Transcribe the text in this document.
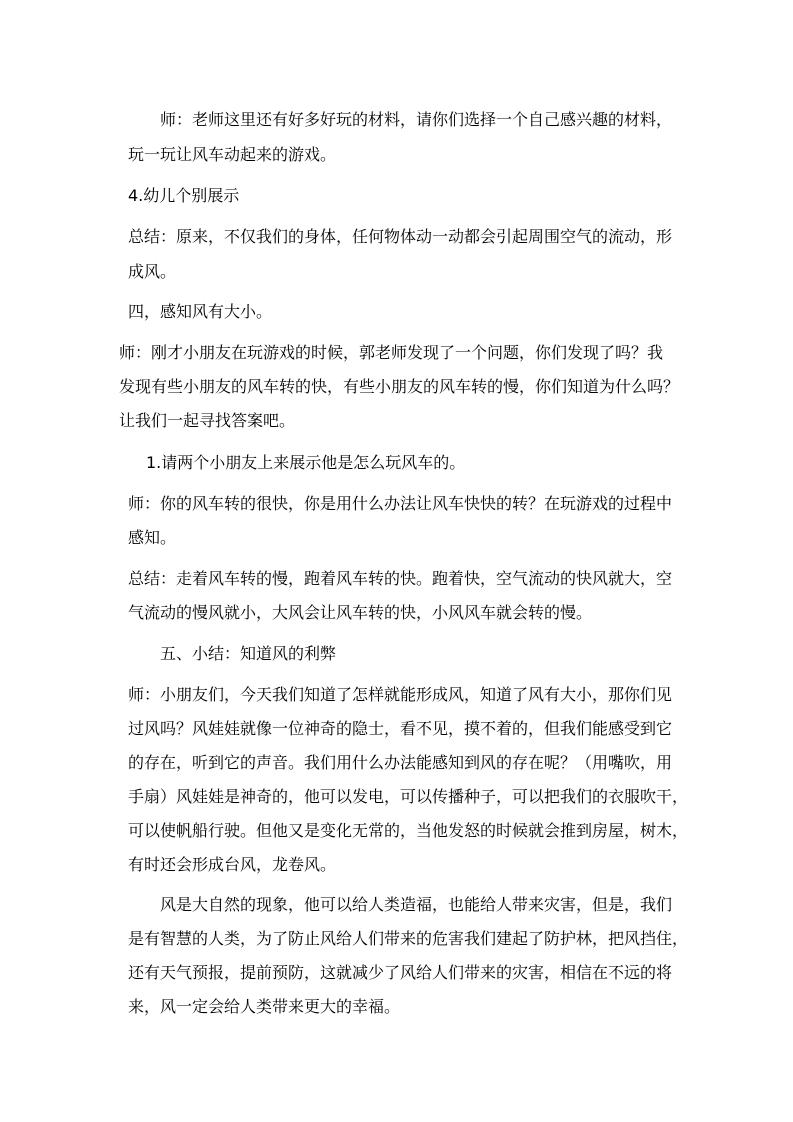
师：老师这里还有好多好玩的材料，请你们选择一个自己感兴趣的材料，

玩一玩让风车动起来的游戏。

4.幼儿个别展示

总结：原来，不仅我们的身体，任何物体动一动都会引起周围空气的流动，形

成风。

四，感知风有大小。

师：刚才小朋友在玩游戏的时候，郭老师发现了一个问题，你们发现了吗？我

发现有些小朋友的风车转的快，有些小朋友的风车转的慢，你们知道为什么吗？

让我们一起寻找答案吧。

1.请两个小朋友上来展示他是怎么玩风车的。

师：你的风车转的很快，你是用什么办法让风车快快的转？在玩游戏的过程中

感知。

总结：走着风车转的慢，跑着风车转的快。跑着快，空气流动的快风就大，空

气流动的慢风就小，大风会让风车转的快，小风风车就会转的慢。

五、小结：知道风的利弊

师：小朋友们，今天我们知道了怎样就能形成风，知道了风有大小，那你们见

过风吗？风娃娃就像一位神奇的隐士，看不见，摸不着的，但我们能感受到它

的存在，听到它的声音。我们用什么办法能感知到风的存在呢？（用嘴吹，用

手扇）风娃娃是神奇的，他可以发电，可以传播种子，可以把我们的衣服吹干，

可以使帆船行驶。但他又是变化无常的，当他发怒的时候就会推到房屋，树木，

有时还会形成台风，龙卷风。

风是大自然的现象，他可以给人类造福，也能给人带来灾害，但是，我们

是有智慧的人类，为了防止风给人们带来的危害我们建起了防护林，把风挡住，

还有天气预报，提前预防，这就减少了风给人们带来的灾害，相信在不远的将

来，风一定会给人类带来更大的幸福。
